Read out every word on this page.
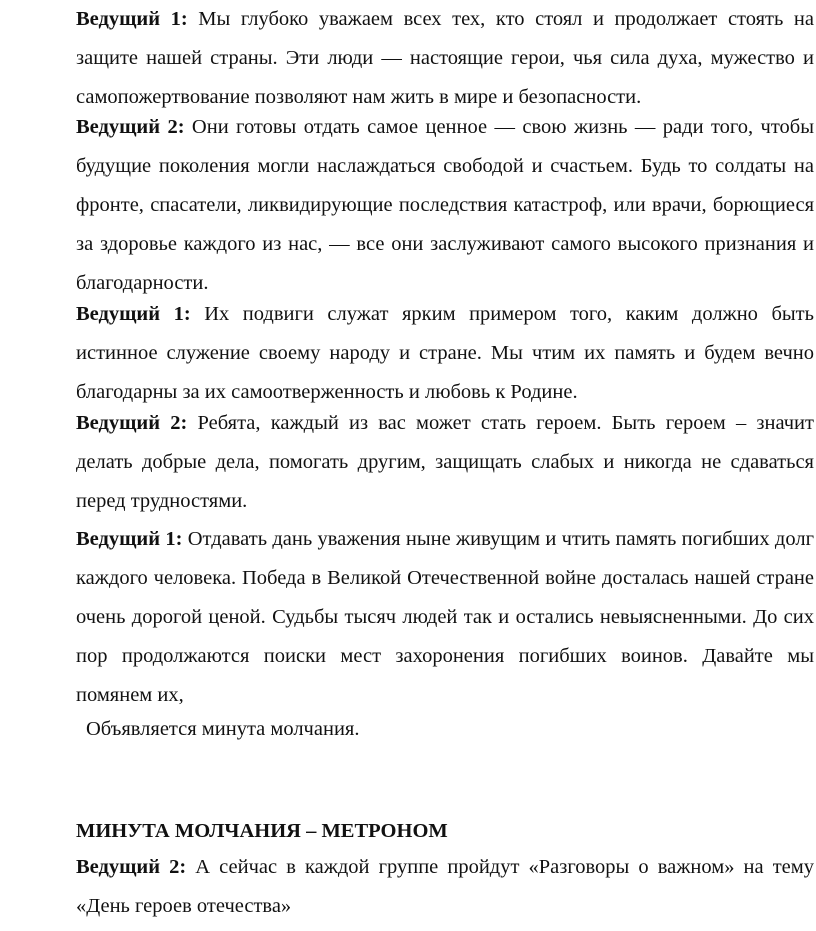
Ведущий 1: Мы глубоко уважаем всех тех, кто стоял и продолжает стоять на защите нашей страны. Эти люди — настоящие герои, чья сила духа, мужество и самопожертвование позволяют нам жить в мире и безопасности.

Ведущий 2: Они готовы отдать самое ценное — свою жизнь — ради того, чтобы будущие поколения могли наслаждаться свободой и счастьем. Будь то солдаты на фронте, спасатели, ликвидирующие последствия катастроф, или врачи, борющиеся за здоровье каждого из нас, — все они заслуживают самого высокого признания и благодарности.

Ведущий 1: Их подвиги служат ярким примером того, каким должно быть истинное служение своему народу и стране. Мы чтим их память и будем вечно благодарны за их самоотверженность и любовь к Родине.

Ведущий 2: Ребята, каждый из вас может стать героем. Быть героем – значит делать добрые дела, помогать другим, защищать слабых и никогда не сдаваться перед трудностями.

Ведущий 1: Отдавать дань уважения ныне живущим и чтить память погибших долг каждого человека. Победа в Великой Отечественной войне досталась нашей стране очень дорогой ценой. Судьбы тысяч людей так и остались невыясненными. До сих пор продолжаются поиски мест захоронения погибших воинов. Давайте мы помянем их,

Объявляется минута молчания.

МИНУТА МОЛЧАНИЯ – МЕТРОНОМ

Ведущий 2: А сейчас в каждой группе пройдут «Разговоры о важном» на тему «День героев отечества»
